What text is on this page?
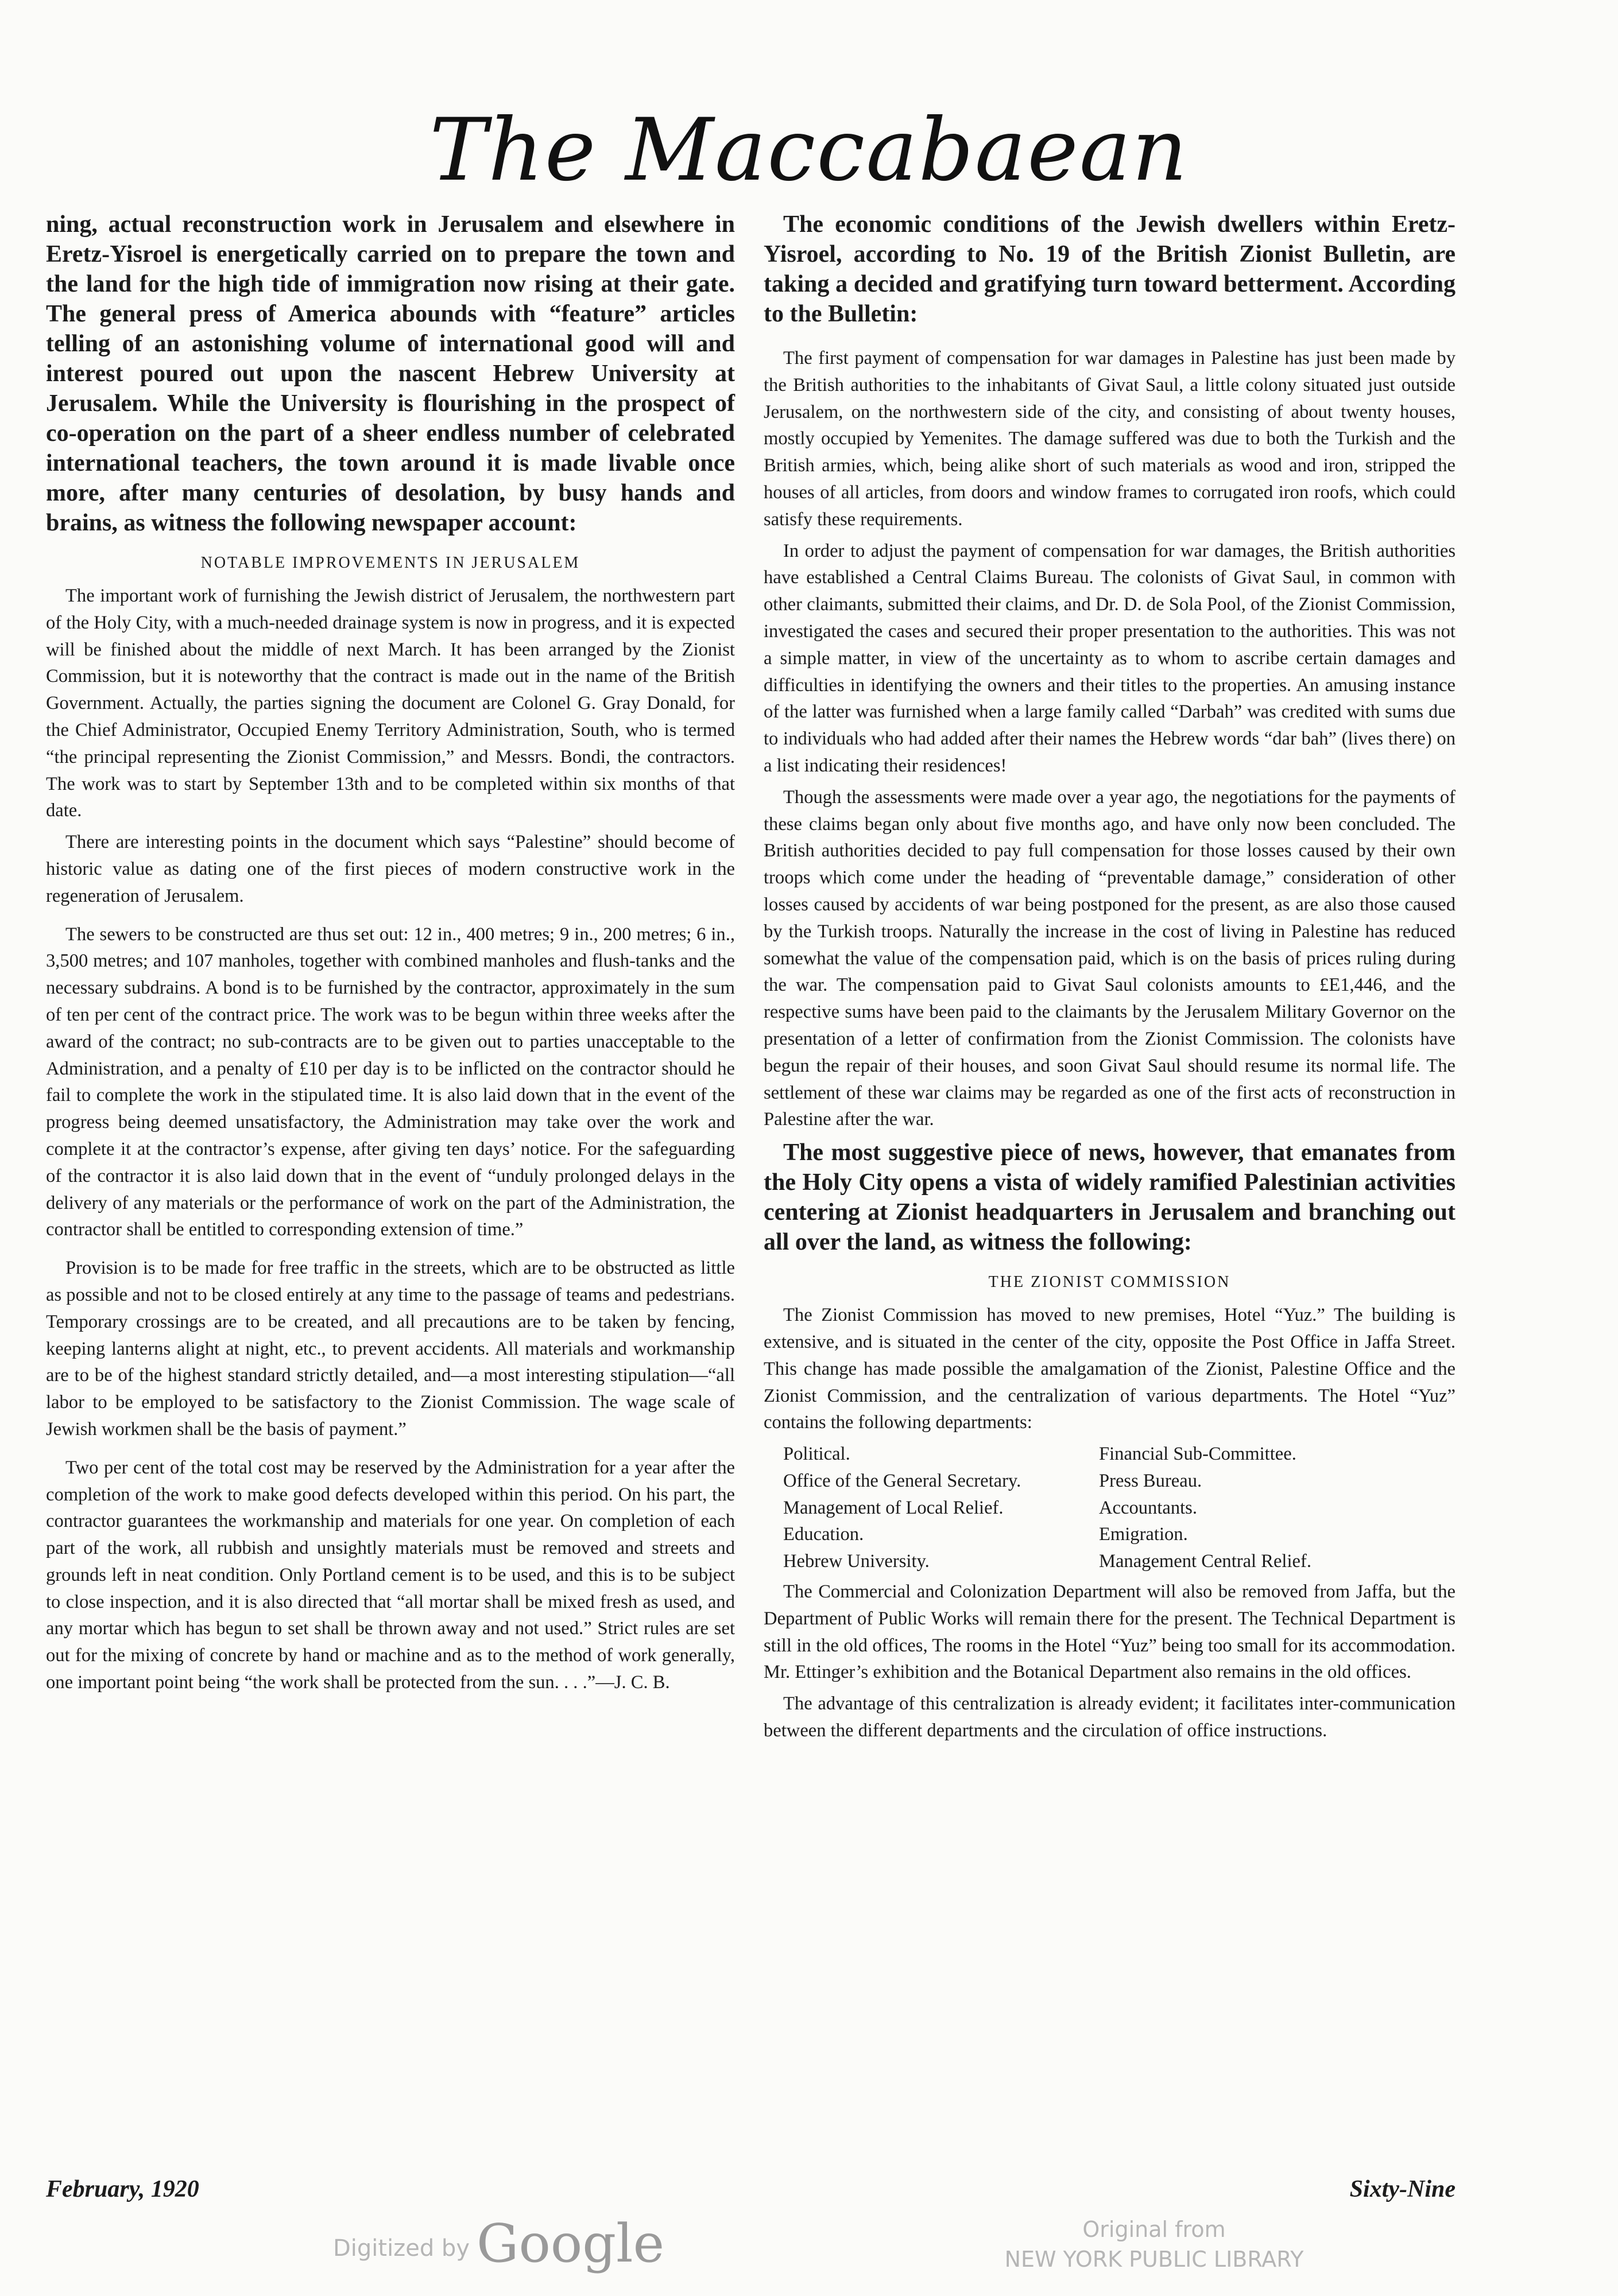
The Maccabaean

ning, actual reconstruction work in Jerusalem and elsewhere in Eretz-Yisroel is energetically carried on to prepare the town and the land for the high tide of immigration now rising at their gate. The general press of America abounds with “feature” articles telling of an astonishing volume of international good will and interest poured out upon the nascent Hebrew University at Jerusalem. While the University is flourishing in the prospect of co-operation on the part of a sheer endless number of celebrated international teachers, the town around it is made livable once more, after many centuries of desolation, by busy hands and brains, as witness the following newspaper account:

NOTABLE IMPROVEMENTS IN JERUSALEM

The important work of furnishing the Jewish district of Jerusalem, the northwestern part of the Holy City, with a much-needed drainage system is now in progress, and it is expected will be finished about the middle of next March. It has been arranged by the Zionist Commission, but it is noteworthy that the contract is made out in the name of the British Government. Actually, the parties signing the document are Colonel G. Gray Donald, for the Chief Administrator, Occupied Enemy Territory Administration, South, who is termed “the principal representing the Zionist Commission,” and Messrs. Bondi, the contractors. The work was to start by September 13th and to be completed within six months of that date.

There are interesting points in the document which says “Palestine” should become of historic value as dating one of the first pieces of modern constructive work in the regeneration of Jerusalem.

The sewers to be constructed are thus set out: 12 in., 400 metres; 9 in., 200 metres; 6 in., 3,500 metres; and 107 manholes, together with combined manholes and flush-tanks and the necessary subdrains. A bond is to be furnished by the contractor, approximately in the sum of ten per cent of the contract price. The work was to be begun within three weeks after the award of the contract; no sub-contracts are to be given out to parties unacceptable to the Administration, and a penalty of £10 per day is to be inflicted on the contractor should he fail to complete the work in the stipulated time. It is also laid down that in the event of the progress being deemed unsatisfactory, the Administration may take over the work and complete it at the contractor’s expense, after giving ten days’ notice. For the safeguarding of the contractor it is also laid down that in the event of “unduly prolonged delays in the delivery of any materials or the performance of work on the part of the Administration, the contractor shall be entitled to corresponding extension of time.”

Provision is to be made for free traffic in the streets, which are to be obstructed as little as possible and not to be closed entirely at any time to the passage of teams and pedestrians. Temporary crossings are to be created, and all precautions are to be taken by fencing, keeping lanterns alight at night, etc., to prevent accidents. All materials and workmanship are to be of the highest standard strictly detailed, and—a most interesting stipulation—“all labor to be employed to be satisfactory to the Zionist Commission. The wage scale of Jewish workmen shall be the basis of payment.”

Two per cent of the total cost may be reserved by the Administration for a year after the completion of the work to make good defects developed within this period. On his part, the contractor guarantees the workmanship and materials for one year. On completion of each part of the work, all rubbish and unsightly materials must be removed and streets and grounds left in neat condition. Only Portland cement is to be used, and this is to be subject to close inspection, and it is also directed that “all mortar shall be mixed fresh as used, and any mortar which has begun to set shall be thrown away and not used.” Strict rules are set out for the mixing of concrete by hand or machine and as to the method of work generally, one important point being “the work shall be protected from the sun. . . .”—J. C. B.

The economic conditions of the Jewish dwellers within Eretz-Yisroel, according to No. 19 of the British Zionist Bulletin, are taking a decided and gratifying turn toward betterment. According to the Bulletin:

The first payment of compensation for war damages in Palestine has just been made by the British authorities to the inhabitants of Givat Saul, a little colony situated just outside Jerusalem, on the northwestern side of the city, and consisting of about twenty houses, mostly occupied by Yemenites. The damage suffered was due to both the Turkish and the British armies, which, being alike short of such materials as wood and iron, stripped the houses of all articles, from doors and window frames to corrugated iron roofs, which could satisfy these requirements.

In order to adjust the payment of compensation for war damages, the British authorities have established a Central Claims Bureau. The colonists of Givat Saul, in common with other claimants, submitted their claims, and Dr. D. de Sola Pool, of the Zionist Commission, investigated the cases and secured their proper presentation to the authorities. This was not a simple matter, in view of the uncertainty as to whom to ascribe certain damages and difficulties in identifying the owners and their titles to the properties. An amusing instance of the latter was furnished when a large family called “Darbah” was credited with sums due to individuals who had added after their names the Hebrew words “dar bah” (lives there) on a list indicating their residences!

Though the assessments were made over a year ago, the negotiations for the payments of these claims began only about five months ago, and have only now been concluded. The British authorities decided to pay full compensation for those losses caused by their own troops which come under the heading of “preventable damage,” consideration of other losses caused by accidents of war being postponed for the present, as are also those caused by the Turkish troops. Naturally the increase in the cost of living in Palestine has reduced somewhat the value of the compensation paid, which is on the basis of prices ruling during the war. The compensation paid to Givat Saul colonists amounts to £E1,446, and the respective sums have been paid to the claimants by the Jerusalem Military Governor on the presentation of a letter of confirmation from the Zionist Commission. The colonists have begun the repair of their houses, and soon Givat Saul should resume its normal life. The settlement of these war claims may be regarded as one of the first acts of reconstruction in Palestine after the war.

The most suggestive piece of news, however, that emanates from the Holy City opens a vista of widely ramified Palestinian activities centering at Zionist headquarters in Jerusalem and branching out all over the land, as witness the following:

THE ZIONIST COMMISSION

The Zionist Commission has moved to new premises, Hotel “Yuz.” The building is extensive, and is situated in the center of the city, opposite the Post Office in Jaffa Street. This change has made possible the amalgamation of the Zionist, Palestine Office and the Zionist Commission, and the centralization of various departments. The Hotel “Yuz” contains the following departments:

Political.	Financial Sub-Committee.
Office of the General Secretary.	Press Bureau.
Management of Local Relief.	Accountants.
Education.	Emigration.
Hebrew University.	Management Central Relief.

The Commercial and Colonization Department will also be removed from Jaffa, but the Department of Public Works will remain there for the present. The Technical Department is still in the old offices, The rooms in the Hotel “Yuz” being too small for its accommodation. Mr. Ettinger’s exhibition and the Botanical Department also remains in the old offices.

The advantage of this centralization is already evident; it facilitates inter-communication between the different departments and the circulation of office instructions.

February, 1920	Sixty-Nine
Digitized by Google	Original from
NEW YORK PUBLIC LIBRARY
